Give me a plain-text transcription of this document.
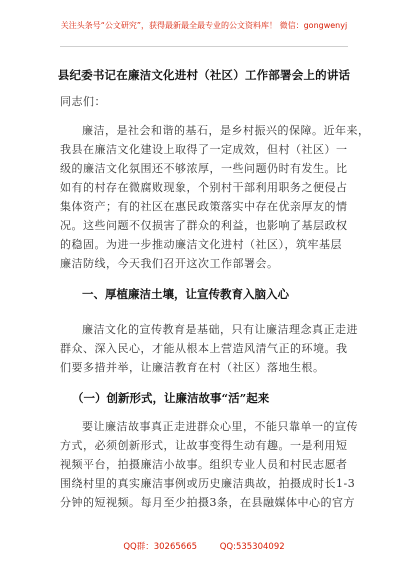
关注头条号“公文研究”，获得最新最全最专业的公文资料库！ 微信：gongwenyj
县纪委书记在廉洁文化进村（社区）工作部署会上的讲话
同志们：
廉洁，是社会和谐的基石，是乡村振兴的保障。近年来，
我县在廉洁文化建设上取得了一定成效，但村（社区）一
级的廉洁文化氛围还不够浓厚，一些问题仍时有发生。比
如有的村存在微腐败现象，个别村干部利用职务之便侵占
集体资产；有的社区在惠民政策落实中存在优亲厚友的情
况。这些问题不仅损害了群众的利益，也影响了基层政权
的稳固。为进一步推动廉洁文化进村（社区），筑牢基层
廉洁防线，今天我们召开这次工作部署会。
一、厚植廉洁土壤，让宣传教育入脑入心
廉洁文化的宣传教育是基础，只有让廉洁理念真正走进
群众、深入民心，才能从根本上营造风清气正的环境。我
们要多措并举，让廉洁教育在村（社区）落地生根。
（一）创新形式，让廉洁故事“活”起来
要让廉洁故事真正走进群众心里，不能只靠单一的宣传
方式，必须创新形式，让故事变得生动有趣。一是利用短
视频平台，拍摄廉洁小故事。组织专业人员和村民志愿者
围绕村里的真实廉洁事例或历史廉洁典故，拍摄成时长1-3
分钟的短视频。每月至少拍摄3条，在县融媒体中心的官方
QQ群：30265665	QQ:535304092
